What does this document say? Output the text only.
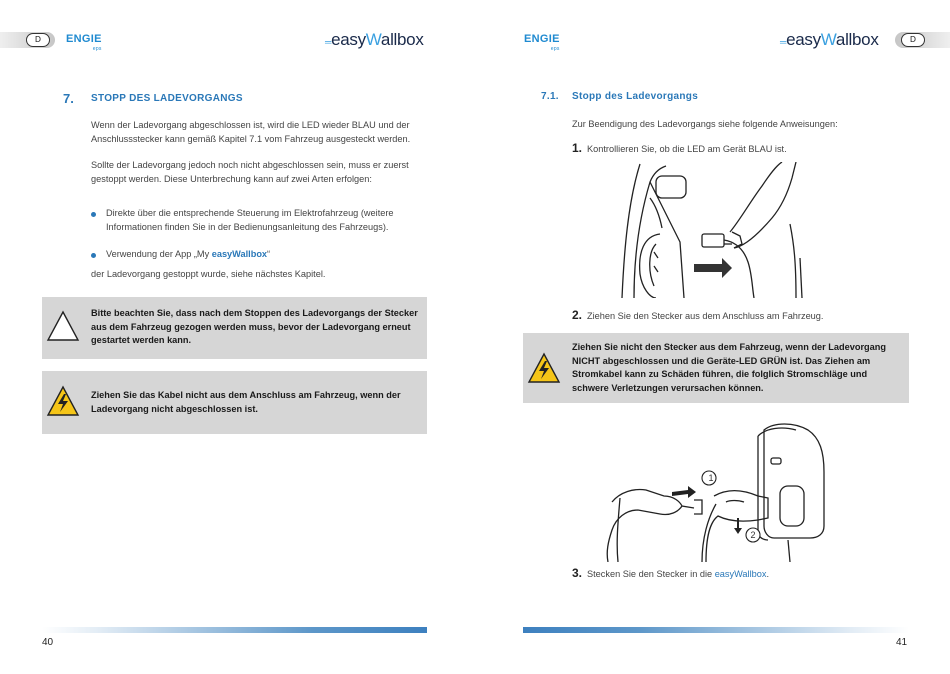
D	ENGIE
eps
═easyWallbox
7. STOPP DES LADEVORGANGS
Wenn der Ladevorgang abgeschlossen ist, wird die LED wieder BLAU und der Anschlussstecker kann gemäß Kapitel 7.1 vom Fahrzeug ausgesteckt werden.
Sollte der Ladevorgang jedoch noch nicht abgeschlossen sein, muss er zuerst gestoppt werden. Diese Unterbrechung kann auf zwei Arten erfolgen:
Direkte über die entsprechende Steuerung im Elektrofahrzeug (weitere Informationen finden Sie in der Bedienungsanleitung des Fahrzeugs).
Verwendung der App „My easyWallbox“
der Ladevorgang gestoppt wurde, siehe nächstes Kapitel.
Bitte beachten Sie, dass nach dem Stoppen des Ladevorgangs der Stecker aus dem Fahrzeug gezogen werden muss, bevor der Ladevorgang erneut gestartet werden kann.
Ziehen Sie das Kabel nicht aus dem Anschluss am Fahrzeug, wenn der Ladevorgang nicht abgeschlossen ist.
40
D
ENGIE
eps
═easyWallbox
7.1. Stopp des Ladevorgangs
Zur Beendigung des Ladevorgangs siehe folgende Anweisungen:
1. Kontrollieren Sie, ob die LED am Gerät BLAU ist.
2. Ziehen Sie den Stecker aus dem Anschluss am Fahrzeug.
Ziehen Sie nicht den Stecker aus dem Fahrzeug, wenn der Ladevorgang NICHT abgeschlossen und die Geräte-LED GRÜN ist. Das Ziehen am Stromkabel kann zu Schäden führen, die folglich Stromschläge und schwere Verletzungen verursachen können.
1
2
3. Stecken Sie den Stecker in die easyWallbox.
41
